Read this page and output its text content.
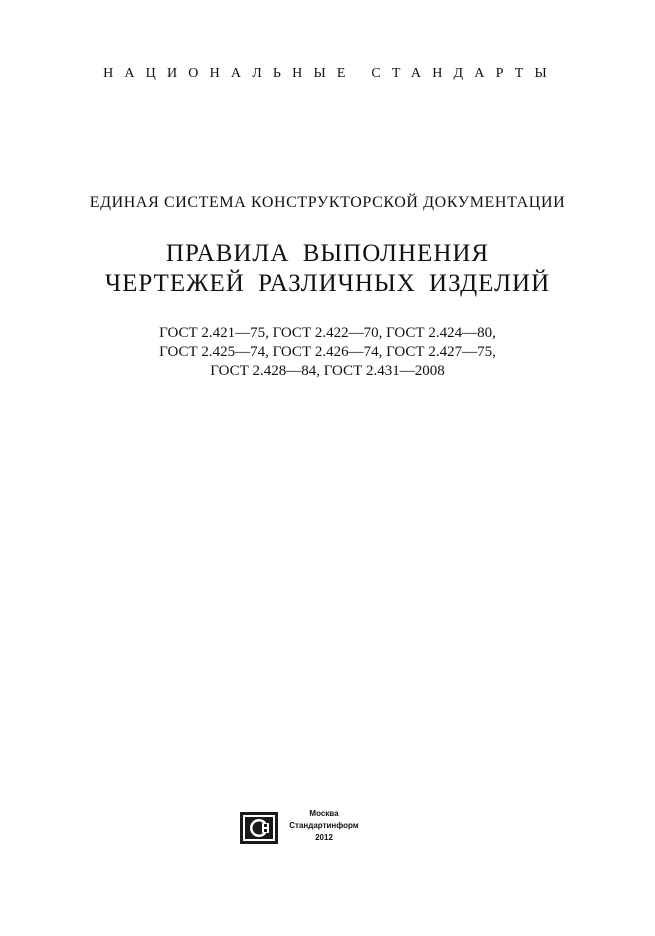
НАЦИОНАЛЬНЫЕ СТАНДАРТЫ
ЕДИНАЯ СИСТЕМА КОНСТРУКТОРСКОЙ ДОКУМЕНТАЦИИ
ПРАВИЛА ВЫПОЛНЕНИЯ
ЧЕРТЕЖЕЙ РАЗЛИЧНЫХ ИЗДЕЛИЙ
ГОСТ 2.421—75, ГОСТ 2.422—70, ГОСТ 2.424—80,
ГОСТ 2.425—74, ГОСТ 2.426—74, ГОСТ 2.427—75,
ГОСТ 2.428—84, ГОСТ 2.431—2008
Москва
Стандартинформ
2012
